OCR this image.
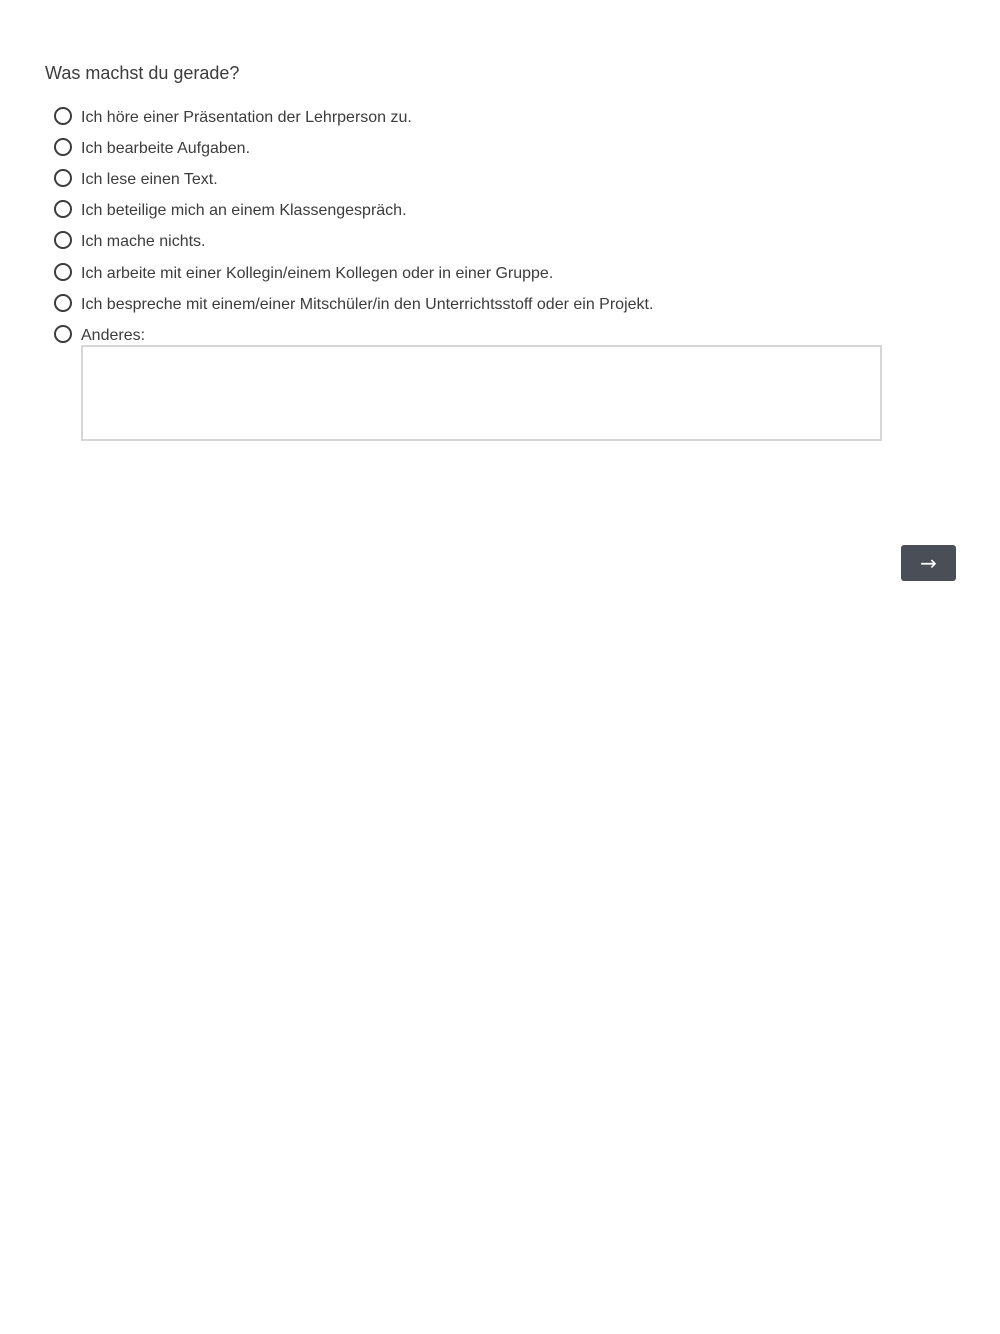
Was machst du gerade?
Ich höre einer Präsentation der Lehrperson zu.
Ich bearbeite Aufgaben.
Ich lese einen Text.
Ich beteilige mich an einem Klassengespräch.
Ich mache nichts.
Ich arbeite mit einer Kollegin/einem Kollegen oder in einer Gruppe.
Ich bespreche mit einem/einer Mitschüler/in den Unterrichtsstoff oder ein Projekt.
Anderes:
→
